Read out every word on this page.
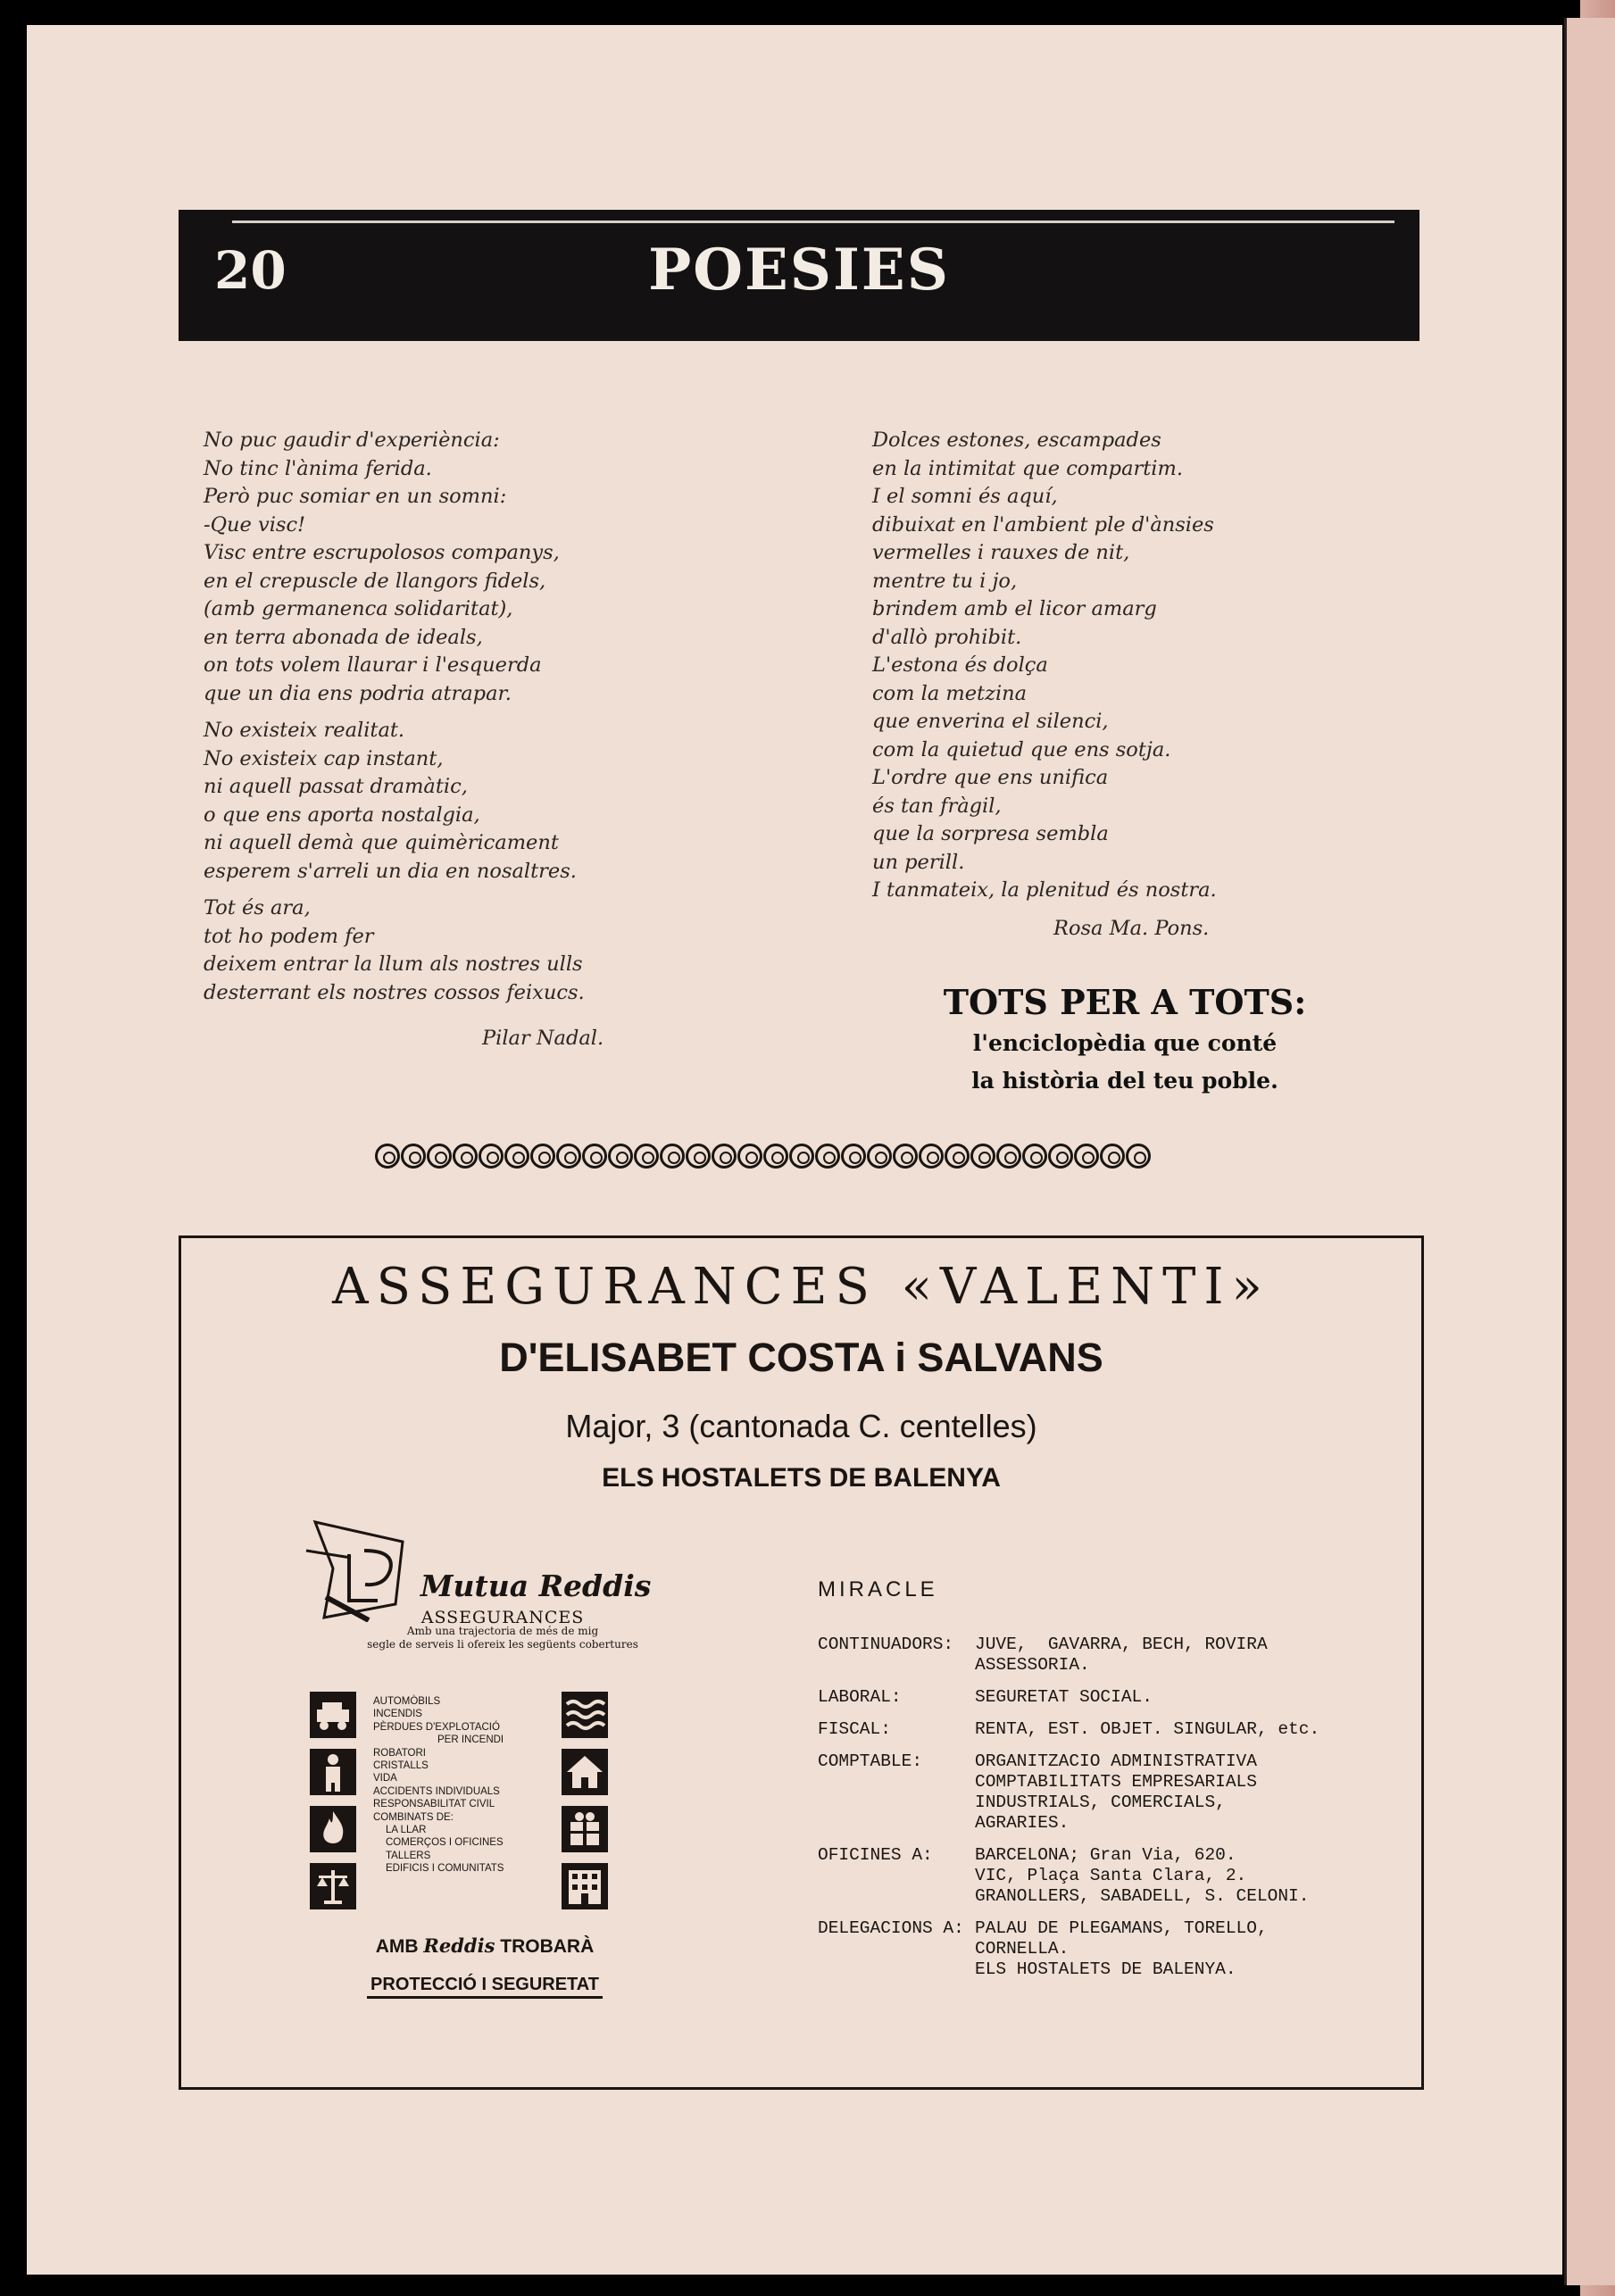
20	POESIES
No puc gaudir d'experiència:
No tinc l'ànima ferida.
Però puc somiar en un somni:
-Que visc!
Visc entre escrupolosos companys,
en el crepuscle de llangors fidels,
(amb germanenca solidaritat),
en terra abonada de ideals,
on tots volem llaurar i l'esquerda
que un dia ens podria atrapar.
No existeix realitat.
No existeix cap instant,
ni aquell passat dramàtic,
o que ens aporta nostalgia,
ni aquell demà que quimèricament
esperem s'arreli un dia en nosaltres.
Tot és ara,
tot ho podem fer
deixem entrar la llum als nostres ulls
desterrant els nostres cossos feixucs.
Pilar Nadal.
Dolces estones, escampades
en la intimitat que compartim.
I el somni és aquí,
dibuixat en l'ambient ple d'ànsies
vermelles i rauxes de nit,
mentre tu i jo,
brindem amb el licor amarg
d'allò prohibit.
L'estona és dolça
com la metzina
que enverina el silenci,
com la quietud que ens sotja.
L'ordre que ens unifica
és tan fràgil,
que la sorpresa sembla
un perill.
I tanmateix, la plenitud és nostra.
Rosa Ma. Pons.
TOTS PER A TOTS:
l'enciclopèdia que conté
la història del teu poble.
ASSEGURANCES «VALENTI»
D'ELISABET COSTA i SALVANS
Major, 3 (cantonada C. centelles)
ELS HOSTALETS DE BALENYA
Mutua Reddis
ASSEGURANCES
Amb una trajectoria de més de mig
segle de serveis li ofereix les següents cobertures
AUTOMÒBILS
INCENDIS
PÈRDUES D'EXPLOTACIÓ
PER INCENDI
ROBATORI
CRISTALLS
VIDA
ACCIDENTS INDIVIDUALS
RESPONSABILITAT CIVIL
COMBINATS DE:
LA LLAR
COMERÇOS I OFICINES
TALLERS
EDIFICIS I COMUNITATS
AMB Reddis TROBARÀ
PROTECCIÓ I SEGURETAT
MIRACLE
CONTINUADORS:	JUVE,  GAVARRA, BECH, ROVIRA
ASSESSORIA.
LABORAL:	SEGURETAT SOCIAL.
FISCAL:	RENTA, EST. OBJET. SINGULAR, etc.
COMPTABLE:	ORGANITZACIO ADMINISTRATIVA
COMPTABILITATS EMPRESARIALS
INDUSTRIALS, COMERCIALS,
AGRARIES.
OFICINES A:	BARCELONA; Gran Via, 620.
VIC, Plaça Santa Clara, 2.
GRANOLLERS, SABADELL, S. CELONI.
DELEGACIONS A: PALAU DE PLEGAMANS, TORELLO,
CORNELLA.
ELS HOSTALETS DE BALENYA.
